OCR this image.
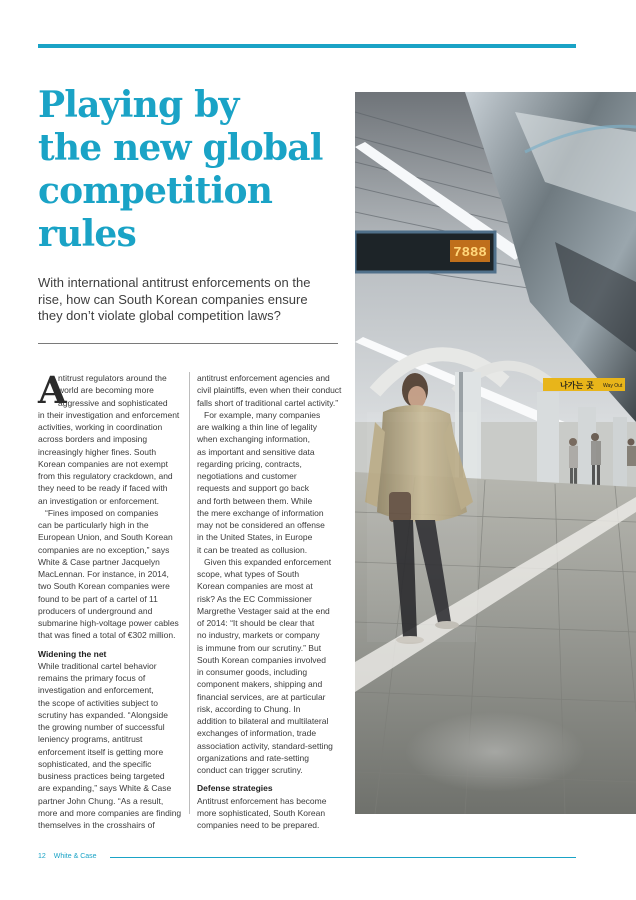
Playing by
the new global
competition
rules
With international antitrust enforcements on the
rise, how can South Korean companies ensure
they don’t violate global competition laws?
A
ntitrust regulators around the
world are becoming more
aggressive and sophisticated
in their investigation and enforcement
activities, working in coordination
across borders and imposing
increasingly higher fines. South
Korean companies are not exempt
from this regulatory crackdown, and
they need to be ready if faced with
an investigation or enforcement.
“Fines imposed on companies
can be particularly high in the
European Union, and South Korean
companies are no exception,” says
White & Case partner Jacquelyn
MacLennan. For instance, in 2014,
two South Korean companies were
found to be part of a cartel of 11
producers of underground and
submarine high-voltage power cables
that was fined a total of €302 million.
Widening the net
While traditional cartel behavior
remains the primary focus of
investigation and enforcement,
the scope of activities subject to
scrutiny has expanded. “Alongside
the growing number of successful
leniency programs, antitrust
enforcement itself is getting more
sophisticated, and the specific
business practices being targeted
are expanding,” says White & Case
partner John Chung. “As a result,
more and more companies are finding
themselves in the crosshairs of
antitrust enforcement agencies and
civil plaintiffs, even when their conduct
falls short of traditional cartel activity.”
For example, many companies
are walking a thin line of legality
when exchanging information,
as important and sensitive data
regarding pricing, contracts,
negotiations and customer
requests and support go back
and forth between them. While
the mere exchange of information
may not be considered an offense
in the United States, in Europe
it can be treated as collusion.
Given this expanded enforcement
scope, what types of South
Korean companies are most at
risk? As the EC Commissioner
Margrethe Vestager said at the end
of 2014: “It should be clear that
no industry, markets or company
is immune from our scrutiny.” But
South Korean companies involved
in consumer goods, including
component makers, shipping and
financial services, are at particular
risk, according to Chung. In
addition to bilateral and multilateral
exchanges of information, trade
association activity, standard-setting
organizations and rate-setting
conduct can trigger scrutiny.
Defense strategies
Antitrust enforcement has become
more sophisticated, South Korean
companies need to be prepared.
7888
나가는 곳 Way Out
12 White & Case
